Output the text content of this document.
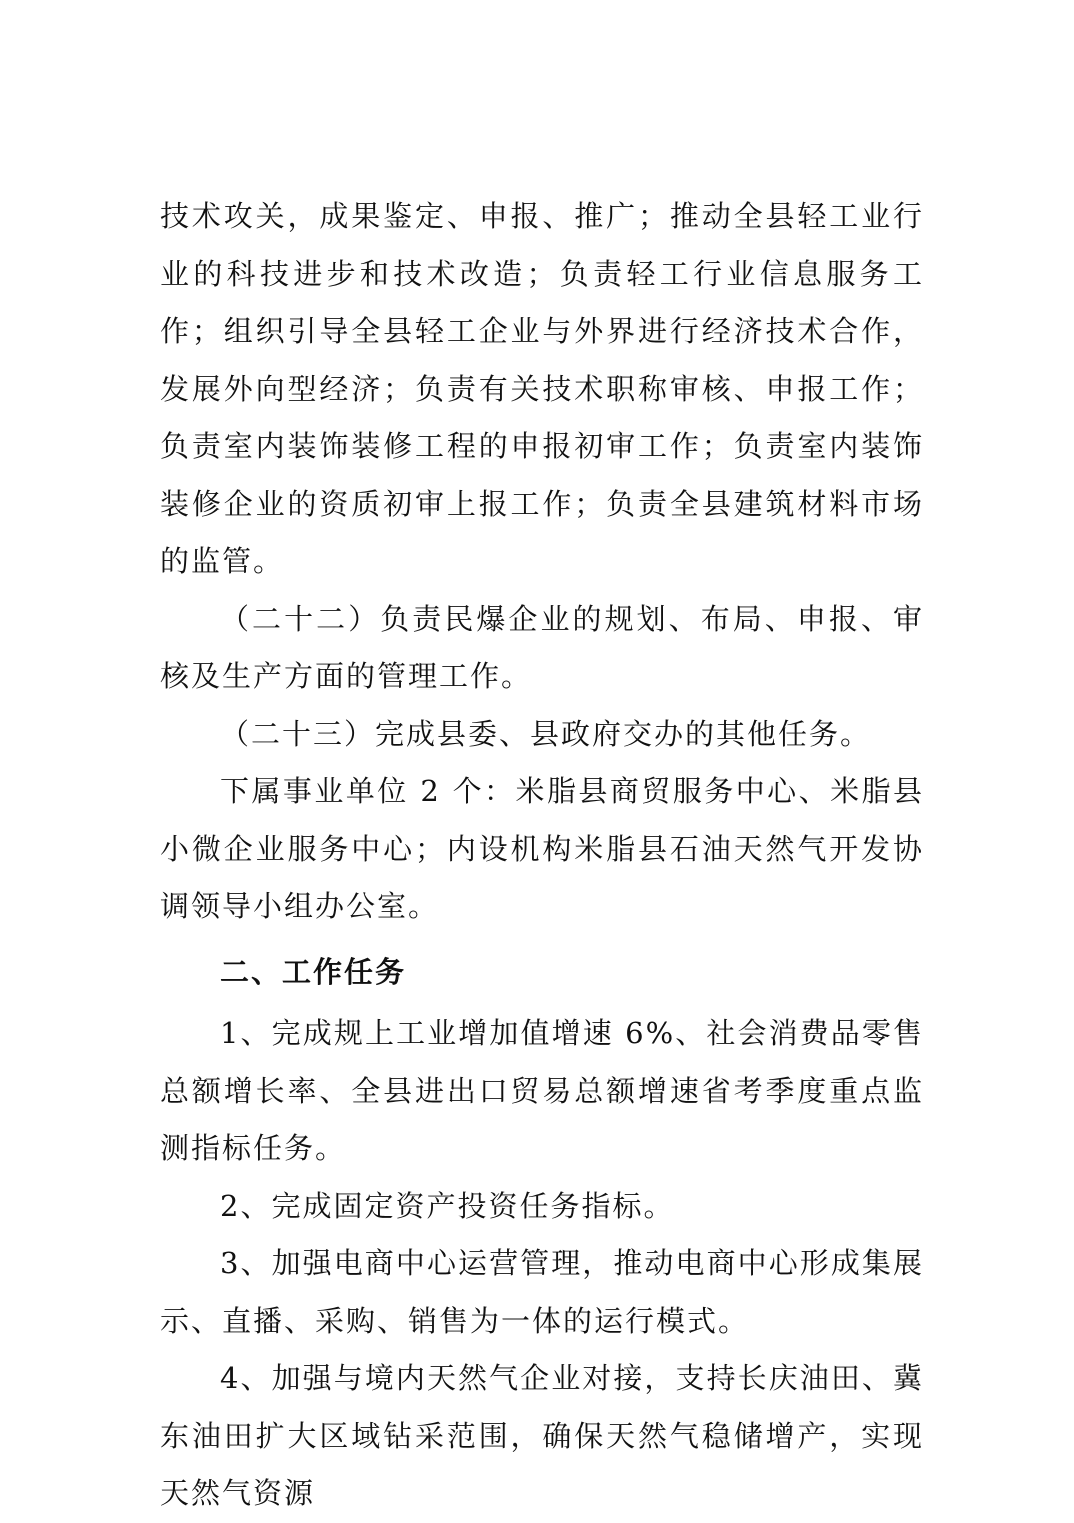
技术攻关，成果鉴定、申报、推广；推动全县轻工业行业的科技进步和技术改造；负责轻工行业信息服务工作；组织引导全县轻工企业与外界进行经济技术合作，发展外向型经济；负责有关技术职称审核、申报工作；负责室内装饰装修工程的申报初审工作；负责室内装饰装修企业的资质初审上报工作；负责全县建筑材料市场的监管。

（二十二）负责民爆企业的规划、布局、申报、审核及生产方面的管理工作。

（二十三）完成县委、县政府交办的其他任务。

下属事业单位 2 个：米脂县商贸服务中心、米脂县小微企业服务中心；内设机构米脂县石油天然气开发协调领导小组办公室。

二、工作任务

1、完成规上工业增加值增速 6%、社会消费品零售总额增长率、全县进出口贸易总额增速省考季度重点监测指标任务。

2、完成固定资产投资任务指标。

3、加强电商中心运营管理，推动电商中心形成集展示、直播、采购、销售为一体的运行模式。

4、加强与境内天然气企业对接，支持长庆油田、冀东油田扩大区域钻采范围，确保天然气稳储增产，实现天然气资源
